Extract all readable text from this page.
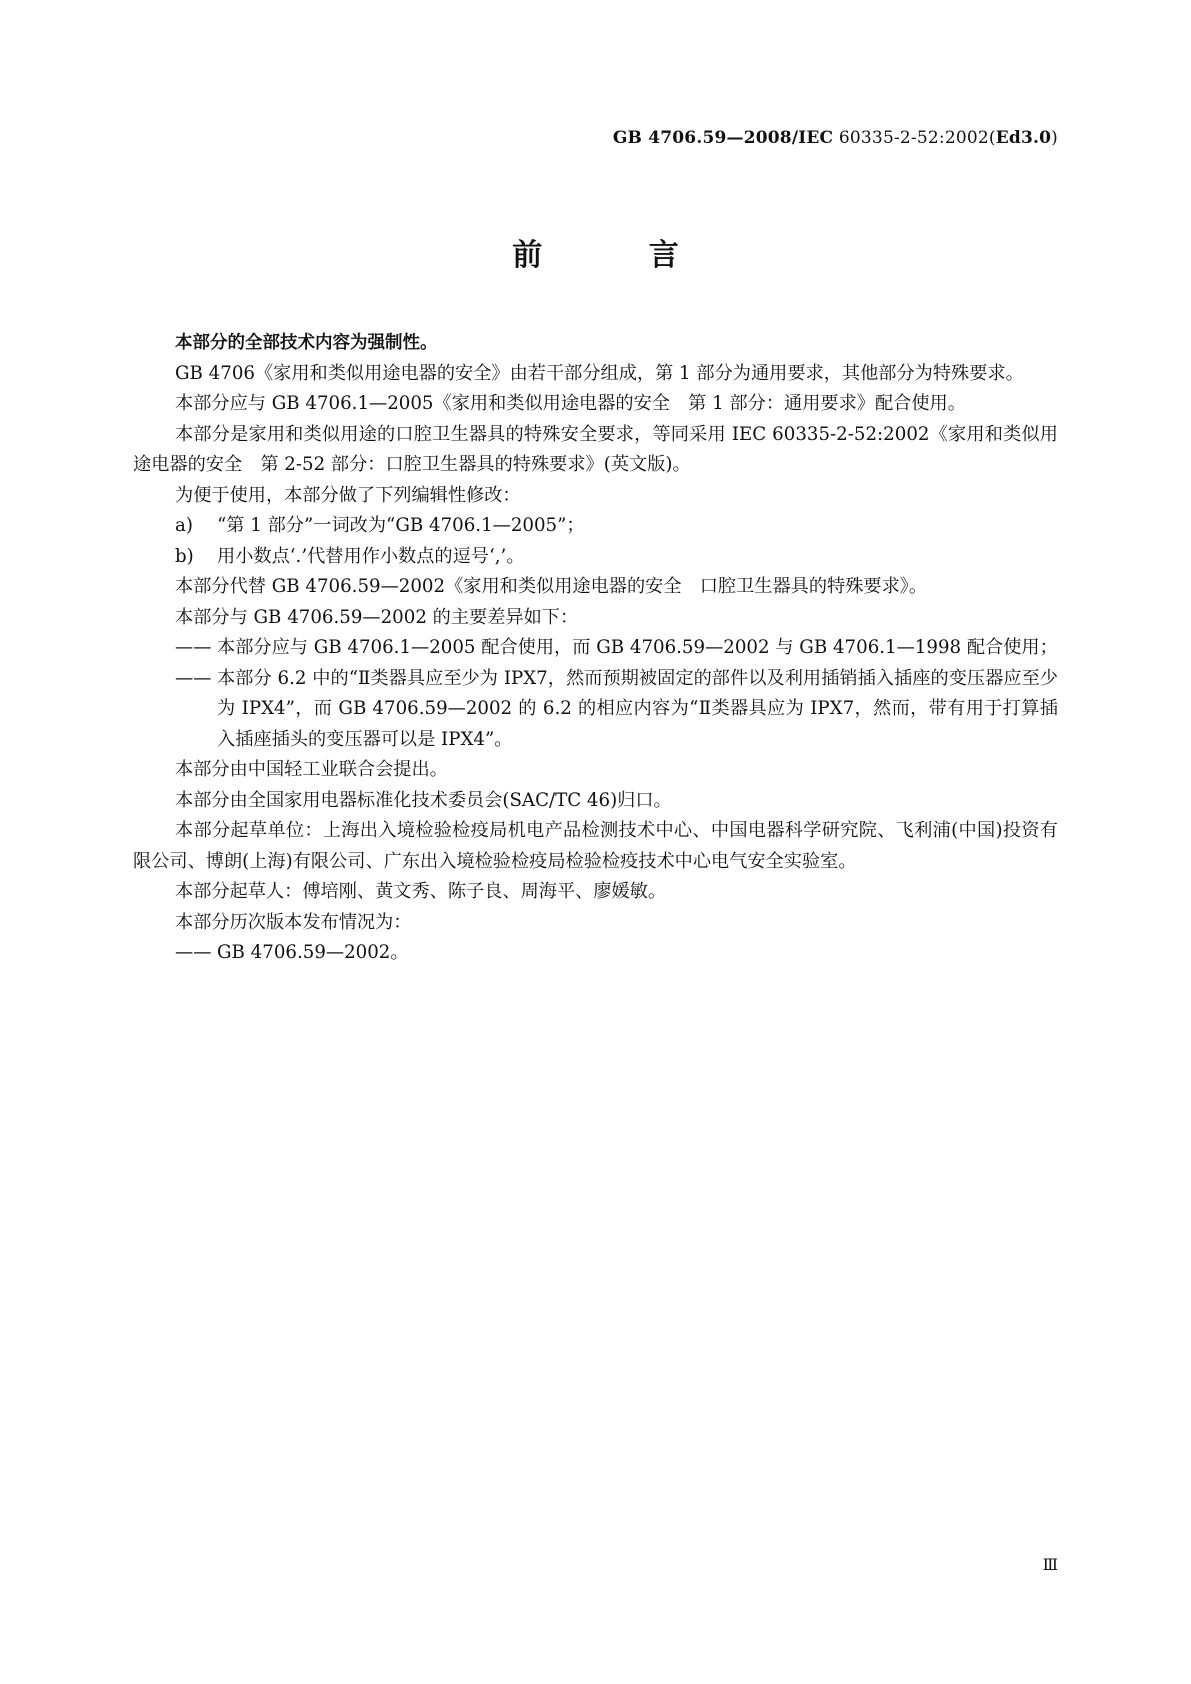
GB 4706.59—2008/IEC 60335-2-52:2002(Ed3.0)
前 言

本部分的全部技术内容为强制性。

GB 4706《家用和类似用途电器的安全》由若干部分组成，第 1 部分为通用要求，其他部分为特殊要求。

本部分应与 GB 4706.1—2005《家用和类似用途电器的安全　第 1 部分：通用要求》配合使用。

本部分是家用和类似用途的口腔卫生器具的特殊安全要求，等同采用 IEC 60335-2-52:2002《家用和类似用途电器的安全　第 2-52 部分：口腔卫生器具的特殊要求》(英文版)。

为便于使用，本部分做了下列编辑性修改：

a)	“第 1 部分”一词改为“GB 4706.1—2005”；
b)	用小数点‘.’代替用作小数点的逗号‘,’。

本部分代替 GB 4706.59—2002《家用和类似用途电器的安全　口腔卫生器具的特殊要求》。

本部分与 GB 4706.59—2002 的主要差异如下：

—— 本部分应与 GB 4706.1—2005 配合使用，而 GB 4706.59—2002 与 GB 4706.1—1998 配合使用；

—— 本部分 6.2 中的“Ⅱ类器具应至少为 IPX7，然而预期被固定的部件以及利用插销插入插座的变压器应至少为 IPX4”，而 GB 4706.59—2002 的 6.2 的相应内容为“Ⅱ类器具应为 IPX7，然而，带有用于打算插入插座插头的变压器可以是 IPX4”。

本部分由中国轻工业联合会提出。

本部分由全国家用电器标准化技术委员会(SAC/TC 46)归口。

本部分起草单位：上海出入境检验检疫局机电产品检测技术中心、中国电器科学研究院、飞利浦(中国)投资有限公司、博朗(上海)有限公司、广东出入境检验检疫局检验检疫技术中心电气安全实验室。

本部分起草人：傅培刚、黄文秀、陈子良、周海平、廖媛敏。

本部分历次版本发布情况为：

—— GB 4706.59—2002。

Ⅲ
